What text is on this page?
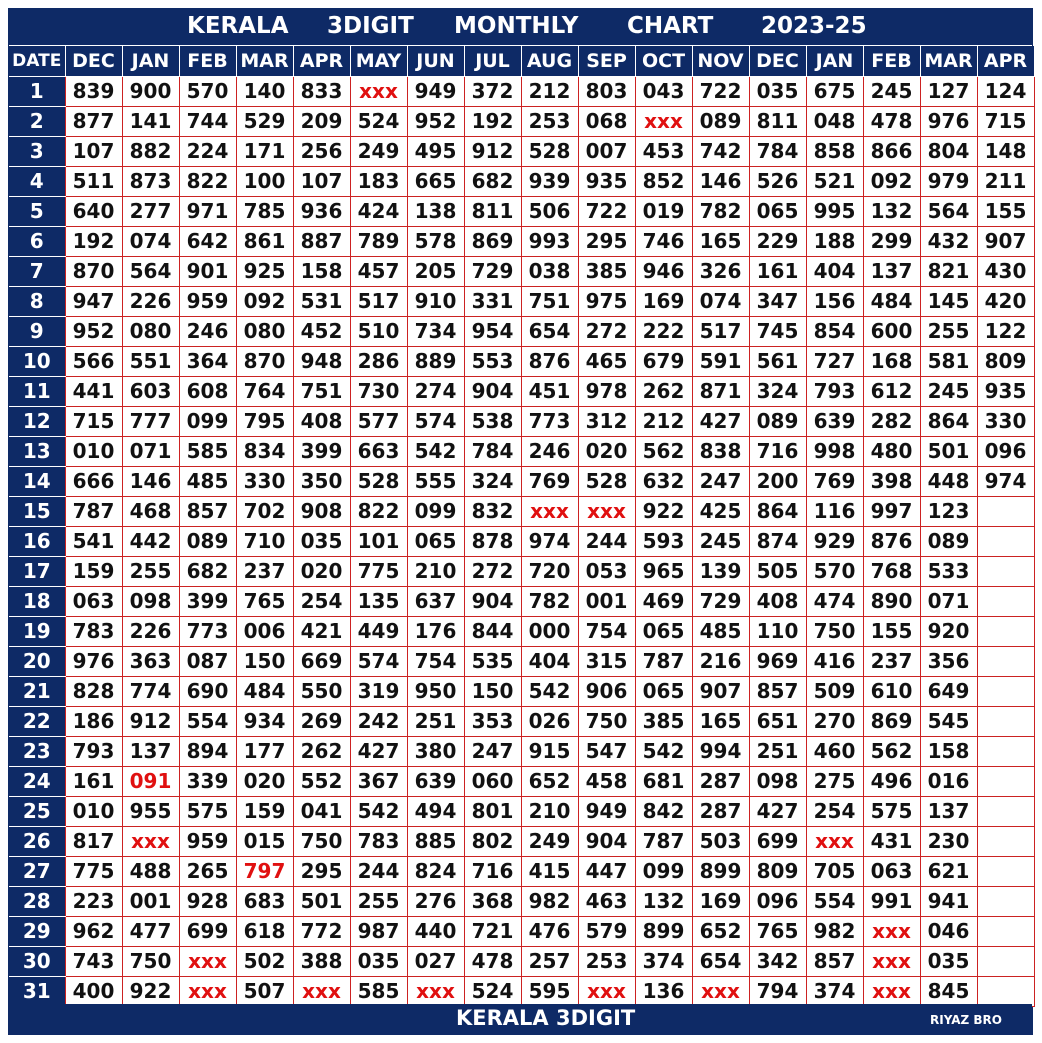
KERALA 3DIGIT MONTHLY CHART 2023-25
DATE	DEC	JAN	FEB	MAR	APR	MAY	JUN	JUL	AUG	SEP	OCT	NOV	DEC	JAN	FEB	MAR	APR
1	839	900	570	140	833	xxx	949	372	212	803	043	722	035	675	245	127	124
2	877	141	744	529	209	524	952	192	253	068	xxx	089	811	048	478	976	715
3	107	882	224	171	256	249	495	912	528	007	453	742	784	858	866	804	148
4	511	873	822	100	107	183	665	682	939	935	852	146	526	521	092	979	211
5	640	277	971	785	936	424	138	811	506	722	019	782	065	995	132	564	155
6	192	074	642	861	887	789	578	869	993	295	746	165	229	188	299	432	907
7	870	564	901	925	158	457	205	729	038	385	946	326	161	404	137	821	430
8	947	226	959	092	531	517	910	331	751	975	169	074	347	156	484	145	420
9	952	080	246	080	452	510	734	954	654	272	222	517	745	854	600	255	122
10	566	551	364	870	948	286	889	553	876	465	679	591	561	727	168	581	809
11	441	603	608	764	751	730	274	904	451	978	262	871	324	793	612	245	935
12	715	777	099	795	408	577	574	538	773	312	212	427	089	639	282	864	330
13	010	071	585	834	399	663	542	784	246	020	562	838	716	998	480	501	096
14	666	146	485	330	350	528	555	324	769	528	632	247	200	769	398	448	974
15	787	468	857	702	908	822	099	832	xxx	xxx	922	425	864	116	997	123	
16	541	442	089	710	035	101	065	878	974	244	593	245	874	929	876	089	
17	159	255	682	237	020	775	210	272	720	053	965	139	505	570	768	533	
18	063	098	399	765	254	135	637	904	782	001	469	729	408	474	890	071	
19	783	226	773	006	421	449	176	844	000	754	065	485	110	750	155	920	
20	976	363	087	150	669	574	754	535	404	315	787	216	969	416	237	356	
21	828	774	690	484	550	319	950	150	542	906	065	907	857	509	610	649	
22	186	912	554	934	269	242	251	353	026	750	385	165	651	270	869	545	
23	793	137	894	177	262	427	380	247	915	547	542	994	251	460	562	158	
24	161	091	339	020	552	367	639	060	652	458	681	287	098	275	496	016	
25	010	955	575	159	041	542	494	801	210	949	842	287	427	254	575	137	
26	817	xxx	959	015	750	783	885	802	249	904	787	503	699	xxx	431	230	
27	775	488	265	797	295	244	824	716	415	447	099	899	809	705	063	621	
28	223	001	928	683	501	255	276	368	982	463	132	169	096	554	991	941	
29	962	477	699	618	772	987	440	721	476	579	899	652	765	982	xxx	046	
30	743	750	xxx	502	388	035	027	478	257	253	374	654	342	857	xxx	035	
31	400	922	xxx	507	xxx	585	xxx	524	595	xxx	136	xxx	794	374	xxx	845	
KERALA 3DIGIT	RIYAZ BRO
